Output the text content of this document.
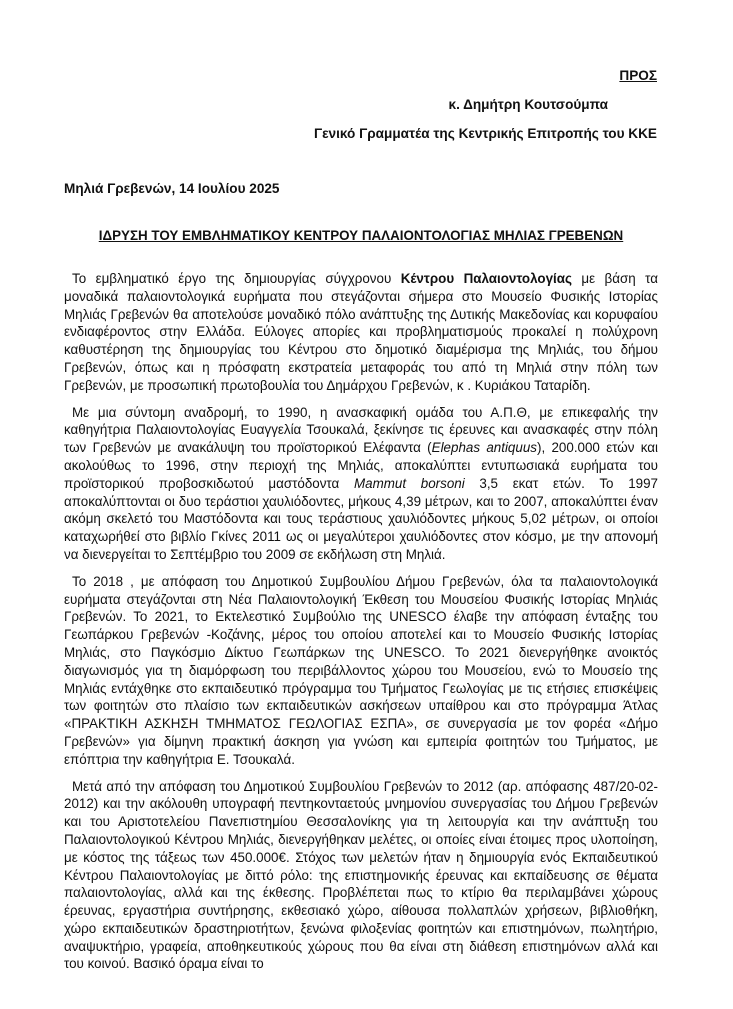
ΠΡΟΣ
κ. Δημήτρη Κουτσούμπα
Γενικό Γραμματέα της Κεντρικής Επιτροπής του ΚΚΕ
Μηλιά Γρεβενών, 14 Ιουλίου 2025
ΙΔΡΥΣΗ ΤΟΥ ΕΜΒΛΗΜΑΤΙΚΟΥ ΚΕΝΤΡΟΥ ΠΑΛΑΙΟΝΤΟΛΟΓΙΑΣ ΜΗΛΙΑΣ ΓΡΕΒΕΝΩΝ

Το εμβληματικό έργο της δημιουργίας σύγχρονου Κέντρου Παλαιοντολογίας με βάση τα μοναδικά παλαιοντολογικά ευρήματα που στεγάζονται σήμερα στο Μουσείο Φυσικής Ιστορίας Μηλιάς Γρεβενών θα αποτελούσε μοναδικό πόλο ανάπτυξης της Δυτικής Μακεδονίας και κορυφαίου ενδιαφέροντος στην Ελλάδα. Εύλογες απορίες και προβληματισμούς προκαλεί η πολύχρονη καθυστέρηση της δημιουργίας του Κέντρου στο δημοτικό διαμέρισμα της Μηλιάς, του δήμου Γρεβενών, όπως και η πρόσφατη εκστρατεία μεταφοράς του από τη Μηλιά στην πόλη των Γρεβενών, με προσωπική πρωτοβουλία του Δημάρχου Γρεβενών, κ . Κυριάκου Ταταρίδη.

Με μια σύντομη αναδρομή, το 1990, η ανασκαφική ομάδα του Α.Π.Θ, με επικεφαλής την καθηγήτρια Παλαιοντολογίας Ευαγγελία Τσουκαλά, ξεκίνησε τις έρευνες και ανασκαφές στην πόλη των Γρεβενών με ανακάλυψη του προϊστορικού Ελέφαντα (Elephas antiquus), 200.000 ετών και ακολούθως το 1996, στην περιοχή της Μηλιάς, αποκαλύπτει εντυπωσιακά ευρήματα του προϊστορικού προβοσκιδωτού μαστόδοντα Mammut borsoni 3,5 εκατ ετών. Το 1997 αποκαλύπτονται οι δυο τεράστιοι χαυλιόδοντες, μήκους 4,39 μέτρων, και το 2007, αποκαλύπτει έναν ακόμη σκελετό του Μαστόδοντα και τους τεράστιους χαυλιόδοντες μήκους 5,02 μέτρων, οι οποίοι καταχωρήθεί στο βιβλίο Γκίνες 2011 ως οι μεγαλύτεροι χαυλιόδοντες στον κόσμο, με την απονομή να διενεργείται το Σεπτέμβριο του 2009 σε εκδήλωση στη Μηλιά.

Το 2018 , με απόφαση του Δημοτικού Συμβουλίου Δήμου Γρεβενών, όλα τα παλαιοντολογικά ευρήματα στεγάζονται στη Νέα Παλαιοντολογική Έκθεση του Μουσείου Φυσικής Ιστορίας Μηλιάς Γρεβενών. Το 2021, το Εκτελεστικό Συμβούλιο της UNESCO έλαβε την απόφαση ένταξης του Γεωπάρκου Γρεβενών -Κοζάνης, μέρος του οποίου αποτελεί και το Μουσείο Φυσικής Ιστορίας Μηλιάς, στο Παγκόσμιο Δίκτυο Γεωπάρκων της UNESCO. Το 2021 διενεργήθηκε ανοικτός διαγωνισμός για τη διαμόρφωση του περιβάλλοντος χώρου του Μουσείου, ενώ το Μουσείο της Μηλιάς εντάχθηκε στο εκπαιδευτικό πρόγραμμα του Τμήματος Γεωλογίας με τις ετήσιες επισκέψεις των φοιτητών στο πλαίσιο των εκπαιδευτικών ασκήσεων υπαίθρου και στο πρόγραμμα Άτλας «ΠΡΑΚΤΙΚΗ ΑΣΚΗΣΗ ΤΜΗΜΑΤΟΣ ΓΕΩΛΟΓΙΑΣ ΕΣΠΑ», σε συνεργασία με τον φορέα «Δήμο Γρεβενών» για δίμηνη πρακτική άσκηση για γνώση και εμπειρία φοιτητών του Τμήματος, με επόπτρια την καθηγήτρια Ε. Τσουκαλά.

Μετά από την απόφαση του Δημοτικού Συμβουλίου Γρεβενών το 2012 (αρ. απόφασης 487/20-02-2012) και την ακόλουθη υπογραφή πεντηκονταετούς μνημονίου συνεργασίας του Δήμου Γρεβενών και του Αριστοτελείου Πανεπιστημίου Θεσσαλονίκης για τη λειτουργία και την ανάπτυξη του Παλαιοντολογικού Κέντρου Μηλιάς, διενεργήθηκαν μελέτες, οι οποίες είναι έτοιμες προς υλοποίηση, με κόστος της τάξεως των 450.000€. Στόχος των μελετών ήταν η δημιουργία ενός Εκπαιδευτικού Κέντρου Παλαιοντολογίας με διττό ρόλο: της επιστημονικής έρευνας και εκπαίδευσης σε θέματα παλαιοντολογίας, αλλά και της έκθεσης. Προβλέπεται πως το κτίριο θα περιλαμβάνει χώρους έρευνας, εργαστήρια συντήρησης, εκθεσιακό χώρο, αίθουσα πολλαπλών χρήσεων, βιβλιοθήκη, χώρο εκπαιδευτικών δραστηριοτήτων, ξενώνα φιλοξενίας φοιτητών και επιστημόνων, πωλητήριο, αναψυκτήριο, γραφεία, αποθηκευτικούς χώρους που θα είναι στη διάθεση επιστημόνων αλλά και του κοινού. Βασικό όραμα είναι το
